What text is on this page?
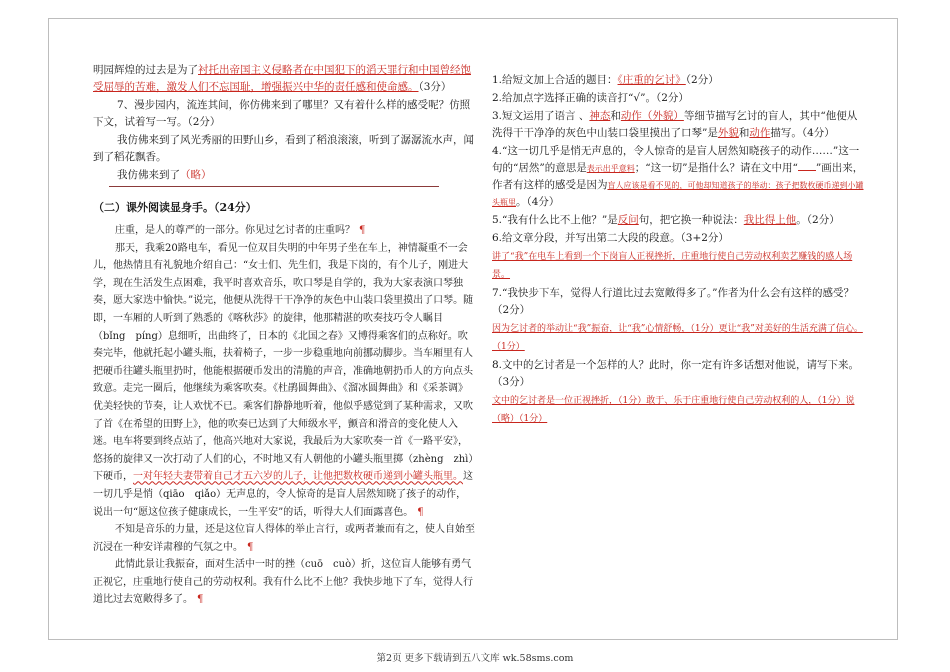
明园辉煌的过去是为了衬托出帝国主义侵略者在中国犯下的滔天罪行和中国曾经饱受屈辱的苦难，激发人们不忘国耻，增强振兴中华的责任感和使命感。（3分）
7、漫步园内，流连其间，你仿佛来到了哪里？又有着什么样的感受呢？仿照下文，试着写一写。（2分）
我仿佛来到了风光秀丽的田野山乡，看到了稻浪滚滚，听到了潺潺流水声，闻到了稻花飘香。
我仿佛来到了（略）
（二）课外阅读显身手。（24分）
庄重，是人的尊严的一部分。你见过乞讨者的庄重吗？ ¶
那天，我乘20路电车，看见一位双目失明的中年男子坐在车上，神情凝重不一会儿，他热情且有礼貌地介绍自己：“女士们、先生们，我是下岗的，有个儿子，刚进大学，现在生活发生点困难，我平时喜欢音乐，吹口琴是自学的，我为大家表演口琴独奏，愿大家迭中愉快。”说完，他便从洗得干干净净的灰色中山装口袋里摸出了口琴。随即，一车厢的人听到了熟悉的《喀秋莎》的旋律，他那精湛的吹奏技巧令人瞩目（bǐng　píng）息细听，出曲终了，日本的《北国之春》又博得乘客们的点称好。吹奏完毕，他就托起小罐头瓶，扶着椅子，一步一步稳重地向前挪动脚步。当车厢里有人把硬币往罐头瓶里扔时，他能根据硬币发出的清脆的声音，准确地朝扔币人的方向点头致意。走完一圈后，他继续为乘客吹奏。《杜鹃圆舞曲》、《溜冰圆舞曲》和《采茶调》优美轻快的节奏，让人欢忧不已。乘客们静静地听着，他似乎感觉到了某种需求，又吹了首《在希望的田野上》，他的吹奏已达到了大师级水平，颤音和滑音的变化使人入迷。电车将要到终点站了，他高兴地对大家说，我最后为大家吹奏一首《一路平安》，悠扬的旋律又一次打动了人们的心，不时地又有人朝他的小罐头瓶里掷（zhèng　zhì）下硬币，一对年轻夫妻带着自己才五六岁的儿子，让他把数枚硬币递到小罐头瓶里。这一切几乎是悄（qiāo　qiǎo）无声息的，令人惊奇的是盲人居然知晓了孩子的动作，说出一句“愿这位孩子健康成长，一生平安”的话，听得大人们面露喜色。 ¶
不知是音乐的力量，还是这位盲人得体的举止言行，或两者兼而有之，使人自始至沉浸在一种安详肃穆的气氛之中。 ¶
此情此景让我振奋，面对生活中一时的挫（cuō　cuò）折，这位盲人能够有勇气正视它，庄重地行使自己的劳动权利。我有什么比不上他？我快步地下了车，觉得人行道比过去宽敞得多了。 ¶
1.给短文加上合适的题目：《庄重的乞讨》（2分）
2.给加点字选择正确的读音打“√”。（2分）
3.短文运用了语言 、神态和动作（外貌）等细节描写乞讨的盲人，其中“他便从洗得干干净净的灰色中山装口袋里摸出了口琴”是外貌和动作描写。（4分）
4.“这一切几乎是悄无声息的，令人惊奇的是盲人居然知晓孩子的动作……”这一句的“居然”的意思是表示出乎意料；“这一切”是指什么？请在文中用“ ”画出来，作者有这样的感受是因为盲人应该是看不见的，可他却知道孩子的举动：孩子把数枚硬币递到小罐头瓶里。（4分）
5.“我有什么比不上他？”是反问句，把它换一种说法：我比得上他。（2分）
6.给文章分段，并写出第二大段的段意。（3+2分）
讲了“我”在电车上看到一个下岗盲人正视挫折，庄重地行使自己劳动权利卖艺赚钱的感人场景。
7.“我快步下车，觉得人行道比过去宽敞得多了。”作者为什么会有这样的感受？（2分）
因为乞讨者的举动让“我”振奋，让“我”心情舒畅，（1分）更让“我”对美好的生活充满了信心。（1分）
8.文中的乞讨者是一个怎样的人？此时，你一定有许多话想对他说，请写下来。（3分）
文中的乞讨者是一位正视挫折，（1分）敢于、乐于庄重地行使自己劳动权利的人，（1分）说（略）（1分）
第2页 更多下载请到五八文库 wk.58sms.com
